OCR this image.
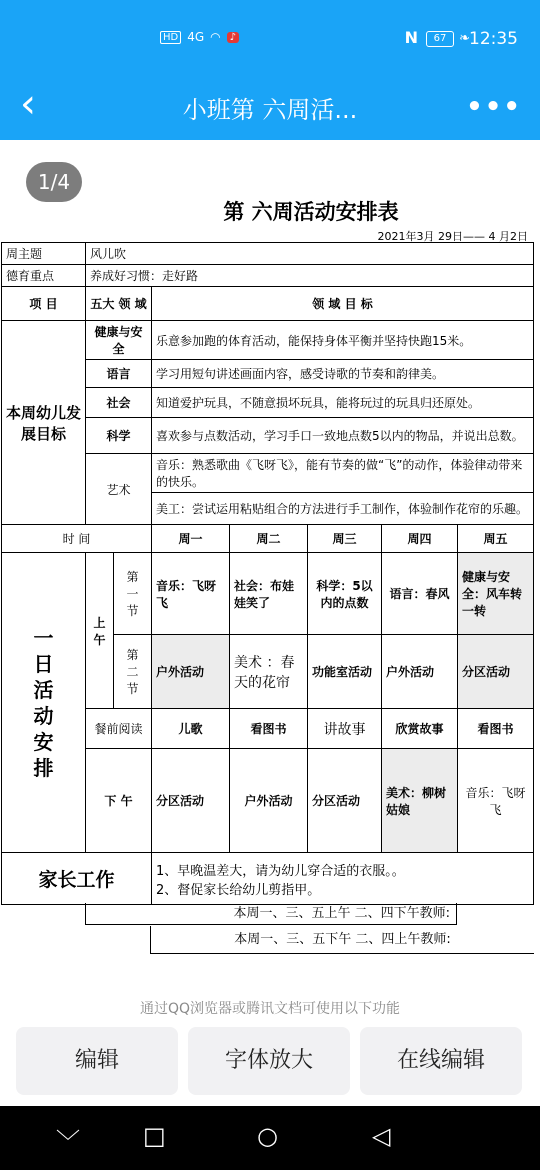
HD 4G ◠ ♪	N	67 ❧ 12:35
‹	小班第 六周活...	•••
1/4
第 六周活动安排表
2021年3月 29日—— 4 月2日
周主题	风儿吹						
德育重点	养成好习惯：走好路						
项 目	五大 领 域		领 域 目 标				
本周幼儿发展目标	健康与安全		乐意参加跑的体育活动，能保持身体平衡并坚持快跑15米。				
	语言		学习用短句讲述画面内容，感受诗歌的节奏和韵律美。				
	社会		知道爱护玩具，不随意损坏玩具，能将玩过的玩具归还原处。				
	科学		喜欢参与点数活动，学习手口一致地点数5以内的物品，并说出总数。				
	艺术		音乐：熟悉歌曲《飞呀飞》，能有节奏的做“飞”的动作，体验律动带来的快乐。				
			美工：尝试运用粘贴组合的方法进行手工制作，体验制作花帘的乐趣。				
时 间			周一	周二	周三	周四	周五
一日活动安排	上午	第一节	音乐：飞呀飞	社会：布娃娃笑了	科学：5以内的点数	语言：春风	健康与安全：风车转一转
		第二节	户外活动	美术 ：春天的花帘	功能室活动	户外活动	分区活动
	餐前阅读		儿歌	看图书	讲故事	欣赏故事	看图书
	下 午		分区活动	户外活动	分区活动	美术：柳树姑娘	音乐：飞呀飞
家长工作			1、早晚温差大，请为幼儿穿合适的衣服。。
2、督促家长给幼儿剪指甲。				
本周一、三、五上午 二、四下午教师:
本周一、三、五下午 二、四上午教师:
通过QQ浏览器或腾讯文档可使用以下功能
编辑	字体放大	在线编辑
﹀	□	○	◁
